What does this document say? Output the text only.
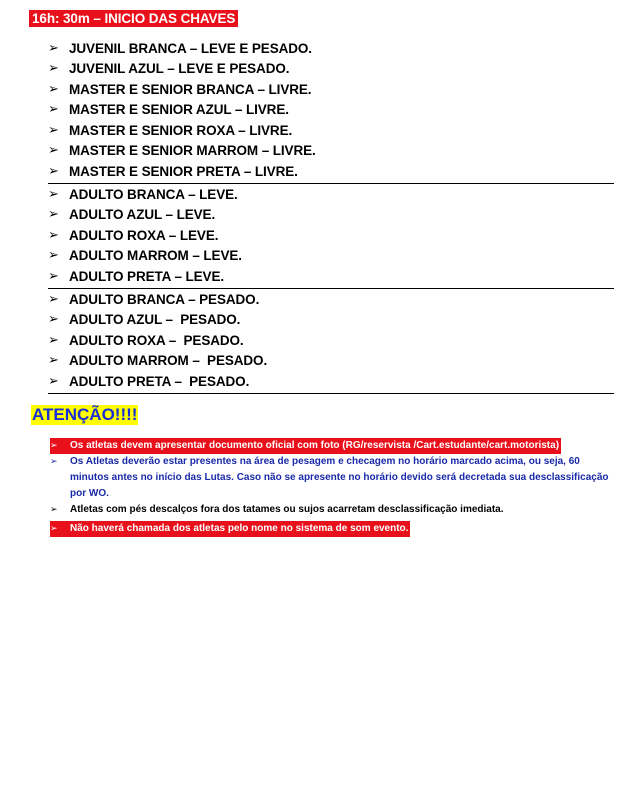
16h: 30m – INICIO DAS CHAVES
➢ JUVENIL BRANCA – LEVE E PESADO.
➢ JUVENIL AZUL – LEVE E PESADO.
➢ MASTER E SENIOR BRANCA – LIVRE.
➢ MASTER E SENIOR AZUL – LIVRE.
➢ MASTER E SENIOR ROXA – LIVRE.
➢ MASTER E SENIOR MARROM – LIVRE.
➢ MASTER E SENIOR PRETA – LIVRE.
➢ ADULTO BRANCA – LEVE.
➢ ADULTO AZUL – LEVE.
➢ ADULTO ROXA – LEVE.
➢ ADULTO MARROM – LEVE.
➢ ADULTO PRETA – LEVE.
➢ ADULTO BRANCA – PESADO.
➢ ADULTO AZUL –  PESADO.
➢ ADULTO ROXA –  PESADO.
➢ ADULTO MARROM –  PESADO.
➢ ADULTO PRETA –  PESADO.
ATENÇÃO!!!!
➢	Os atletas devem apresentar documento oficial com foto (RG/reservista /Cart.estudante/cart.motorista)
➢	Os Atletas deverão estar presentes na área de pesagem e checagem no horário marcado acima, ou seja, 60 minutos antes no início das Lutas. Caso não se apresente no horário devido será decretada sua desclassificação por WO.
➢	Atletas com pés descalços fora dos tatames ou sujos acarretam desclassificação imediata.
➢	Não haverá chamada dos atletas pelo nome no sistema de som evento.
